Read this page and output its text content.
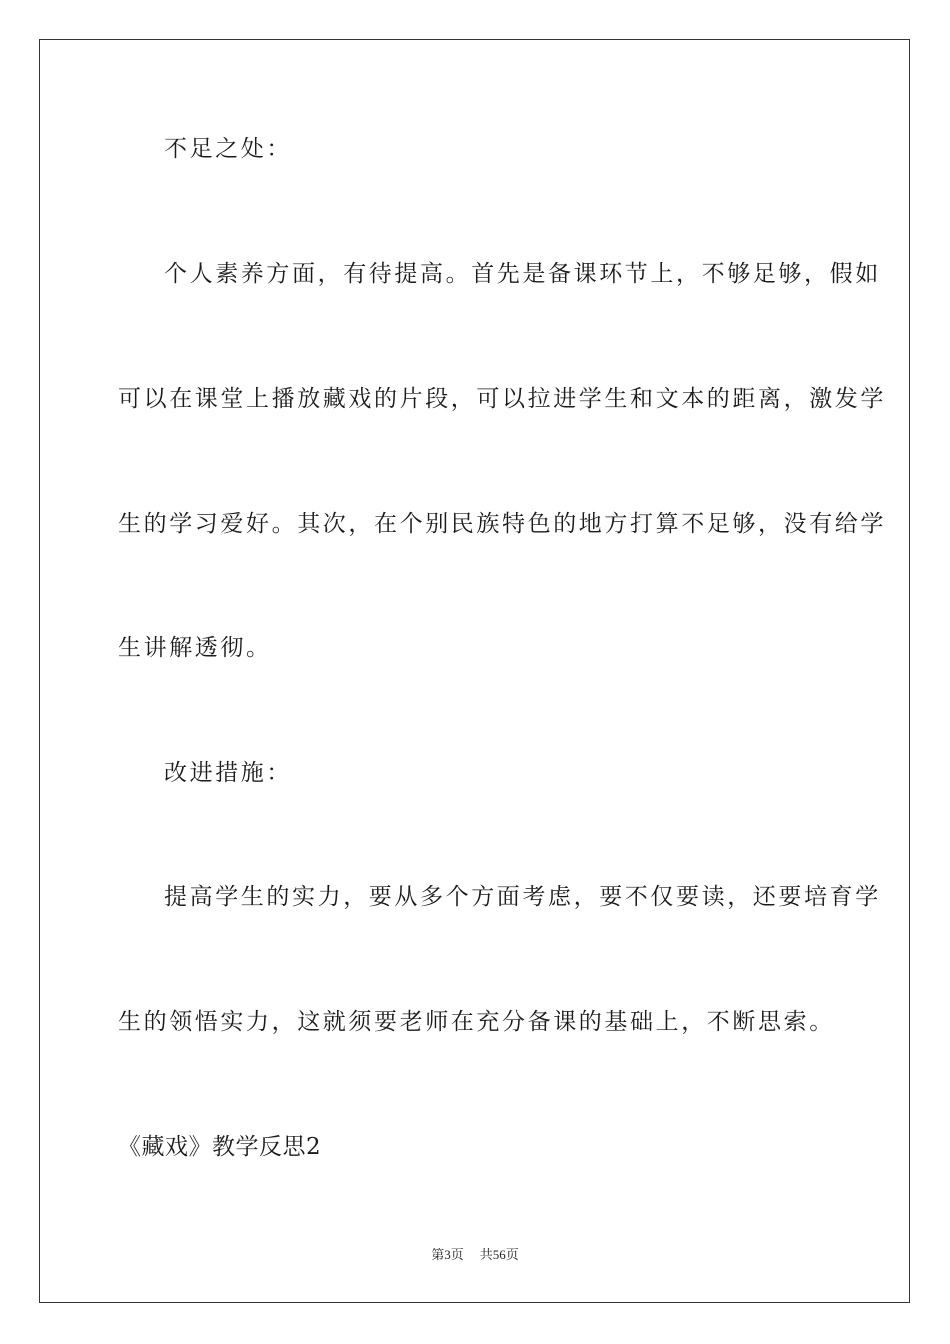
不足之处：
个人素养方面，有待提高。首先是备课环节上，不够足够，假如
可以在课堂上播放藏戏的片段，可以拉进学生和文本的距离，激发学
生的学习爱好。其次，在个别民族特色的地方打算不足够，没有给学
生讲解透彻。
改进措施：
提高学生的实力，要从多个方面考虑，要不仅要读，还要培育学
生的领悟实力，这就须要老师在充分备课的基础上，不断思索。
《藏戏》教学反思2
第3页 共56页
